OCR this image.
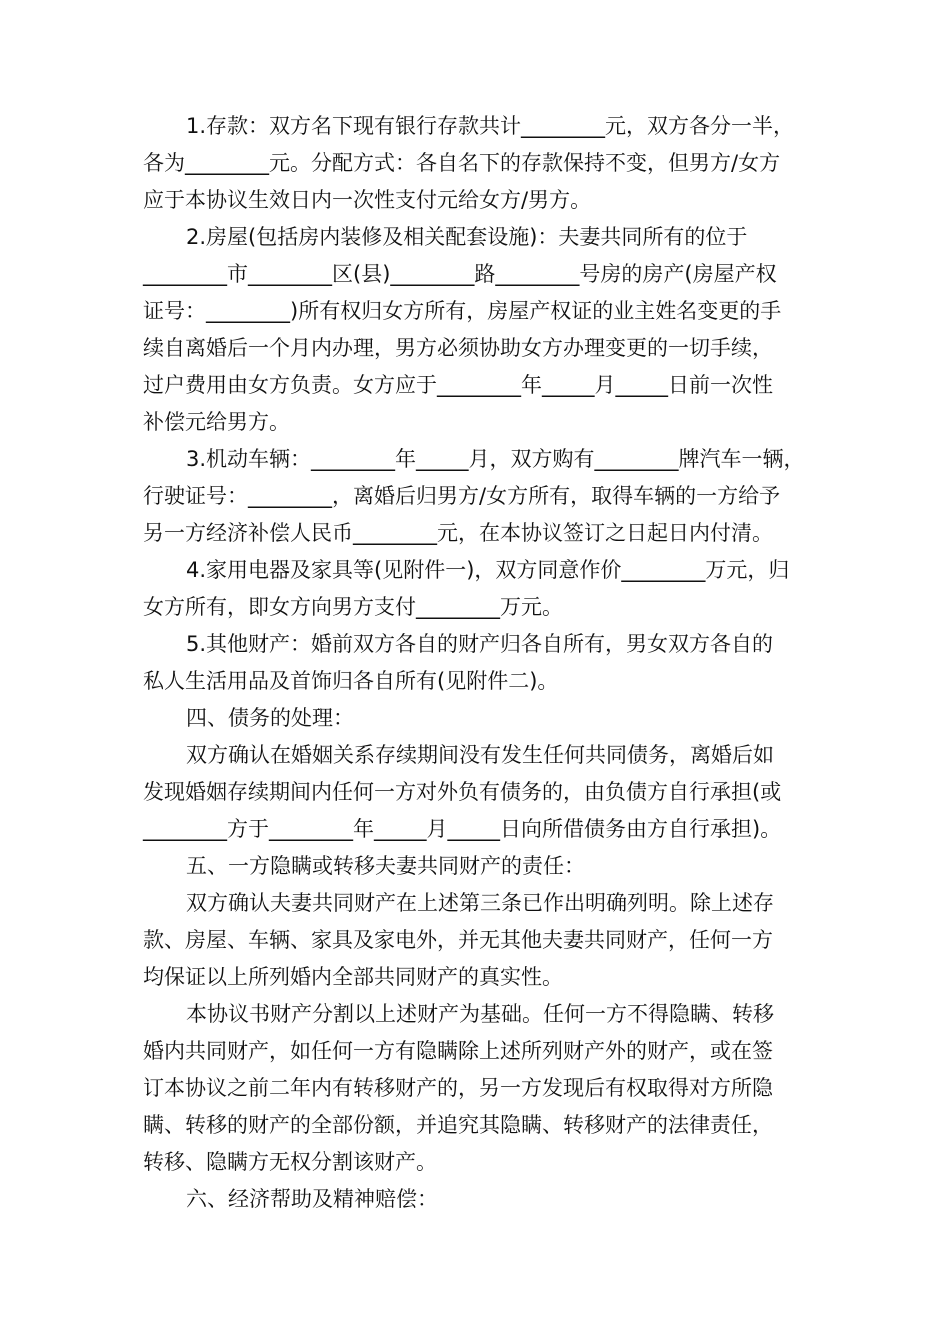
1.存款：双方名下现有银行存款共计________元，双方各分一半，
各为________元。分配方式：各自名下的存款保持不变，但男方/女方
应于本协议生效日内一次性支付元给女方/男方。

2.房屋(包括房内装修及相关配套设施)：夫妻共同所有的位于
________市________区(县)________路________号房的房产(房屋产权
证号：________)所有权归女方所有，房屋产权证的业主姓名变更的手
续自离婚后一个月内办理，男方必须协助女方办理变更的一切手续，
过户费用由女方负责。女方应于________年_____月_____日前一次性
补偿元给男方。

3.机动车辆：________年_____月，双方购有________牌汽车一辆，
行驶证号：________，离婚后归男方/女方所有，取得车辆的一方给予
另一方经济补偿人民币________元，在本协议签订之日起日内付清。

4.家用电器及家具等(见附件一)，双方同意作价________万元，归
女方所有，即女方向男方支付________万元。

5.其他财产：婚前双方各自的财产归各自所有，男女双方各自的
私人生活用品及首饰归各自所有(见附件二)。

四、债务的处理：

双方确认在婚姻关系存续期间没有发生任何共同债务，离婚后如
发现婚姻存续期间内任何一方对外负有债务的，由负债方自行承担(或
________方于________年_____月_____日向所借债务由方自行承担)。

五、一方隐瞒或转移夫妻共同财产的责任：

双方确认夫妻共同财产在上述第三条已作出明确列明。除上述存
款、房屋、车辆、家具及家电外，并无其他夫妻共同财产，任何一方
均保证以上所列婚内全部共同财产的真实性。

本协议书财产分割以上述财产为基础。任何一方不得隐瞒、转移
婚内共同财产，如任何一方有隐瞒除上述所列财产外的财产，或在签
订本协议之前二年内有转移财产的，另一方发现后有权取得对方所隐
瞒、转移的财产的全部份额，并追究其隐瞒、转移财产的法律责任，
转移、隐瞒方无权分割该财产。

六、经济帮助及精神赔偿：
